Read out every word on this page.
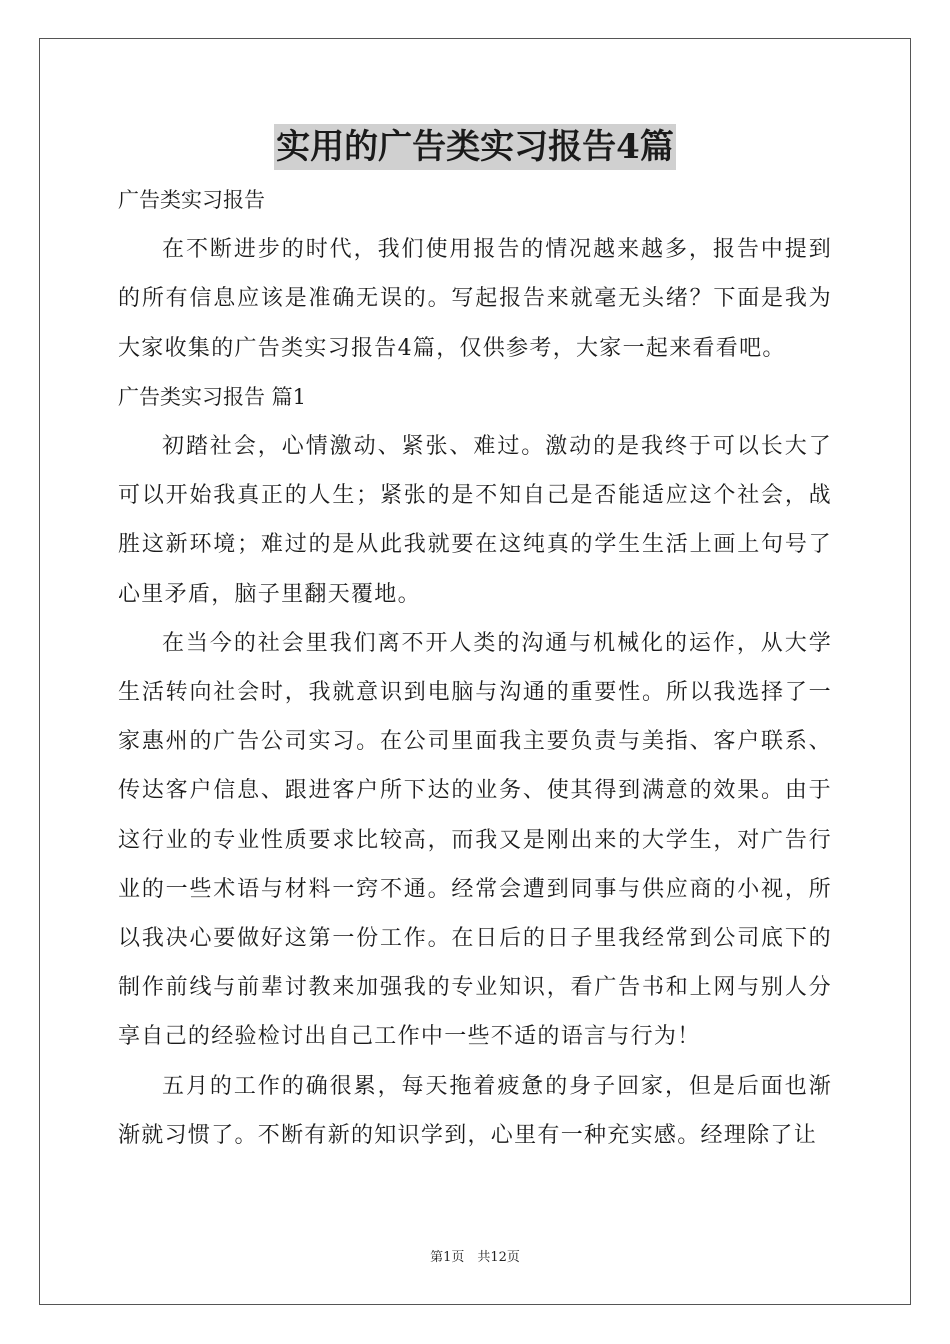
实用的广告类实习报告4篇

广告类实习报告

在不断进步的时代，我们使用报告的情况越来越多，报告中提到的所有信息应该是准确无误的。写起报告来就毫无头绪？下面是我为大家收集的广告类实习报告4篇，仅供参考，大家一起来看看吧。

广告类实习报告 篇1

初踏社会，心情激动、紧张、难过。激动的是我终于可以长大了可以开始我真正的人生；紧张的是不知自己是否能适应这个社会，战胜这新环境；难过的是从此我就要在这纯真的学生生活上画上句号了心里矛盾，脑子里翻天覆地。

在当今的社会里我们离不开人类的沟通与机械化的运作，从大学生活转向社会时，我就意识到电脑与沟通的重要性。所以我选择了一家惠州的广告公司实习。在公司里面我主要负责与美指、客户联系、传达客户信息、跟进客户所下达的业务、使其得到满意的效果。由于这行业的专业性质要求比较高，而我又是刚出来的大学生，对广告行业的一些术语与材料一窍不通。经常会遭到同事与供应商的小视，所以我决心要做好这第一份工作。在日后的日子里我经常到公司底下的制作前线与前辈讨教来加强我的专业知识，看广告书和上网与别人分享自己的经验检讨出自己工作中一些不适的语言与行为！

五月的工作的确很累，每天拖着疲惫的身子回家，但是后面也渐渐就习惯了。不断有新的知识学到，心里有一种充实感。经理除了让

第1页　共12页
